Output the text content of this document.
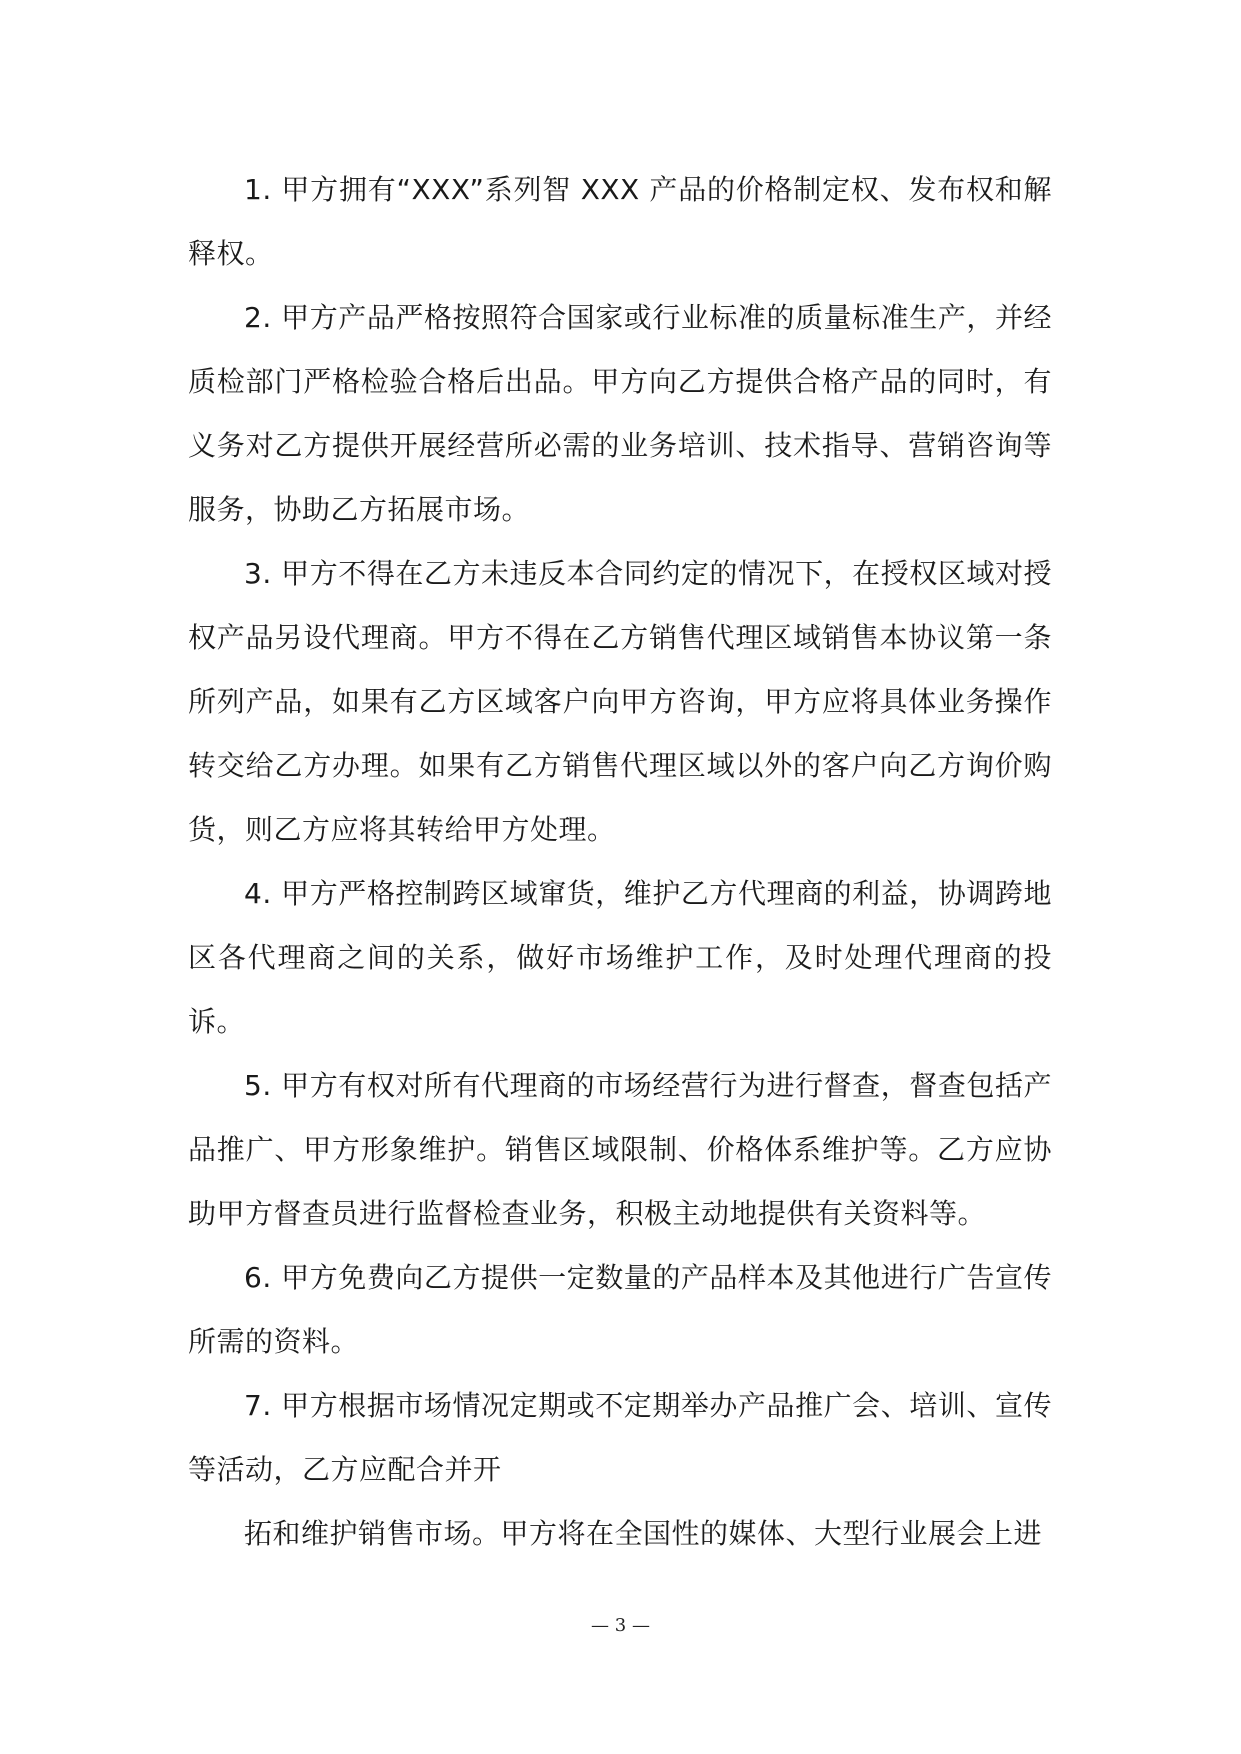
1. 甲方拥有“XXX”系列智 XXX 产品的价格制定权、发布权和解释权。

2. 甲方产品严格按照符合国家或行业标准的质量标准生产，并经质检部门严格检验合格后出品。甲方向乙方提供合格产品的同时，有义务对乙方提供开展经营所必需的业务培训、技术指导、营销咨询等服务，协助乙方拓展市场。

3. 甲方不得在乙方未违反本合同约定的情况下，在授权区域对授权产品另设代理商。甲方不得在乙方销售代理区域销售本协议第一条所列产品，如果有乙方区域客户向甲方咨询，甲方应将具体业务操作转交给乙方办理。如果有乙方销售代理区域以外的客户向乙方询价购货，则乙方应将其转给甲方处理。

4. 甲方严格控制跨区域窜货，维护乙方代理商的利益，协调跨地区各代理商之间的关系，做好市场维护工作，及时处理代理商的投诉。

5. 甲方有权对所有代理商的市场经营行为进行督查，督查包括产品推广、甲方形象维护。销售区域限制、价格体系维护等。乙方应协助甲方督查员进行监督检查业务，积极主动地提供有关资料等。

6. 甲方免费向乙方提供一定数量的产品样本及其他进行广告宣传所需的资料。

7. 甲方根据市场情况定期或不定期举办产品推广会、培训、宣传等活动，乙方应配合并开

拓和维护销售市场。甲方将在全国性的媒体、大型行业展会上进

— 3 —
